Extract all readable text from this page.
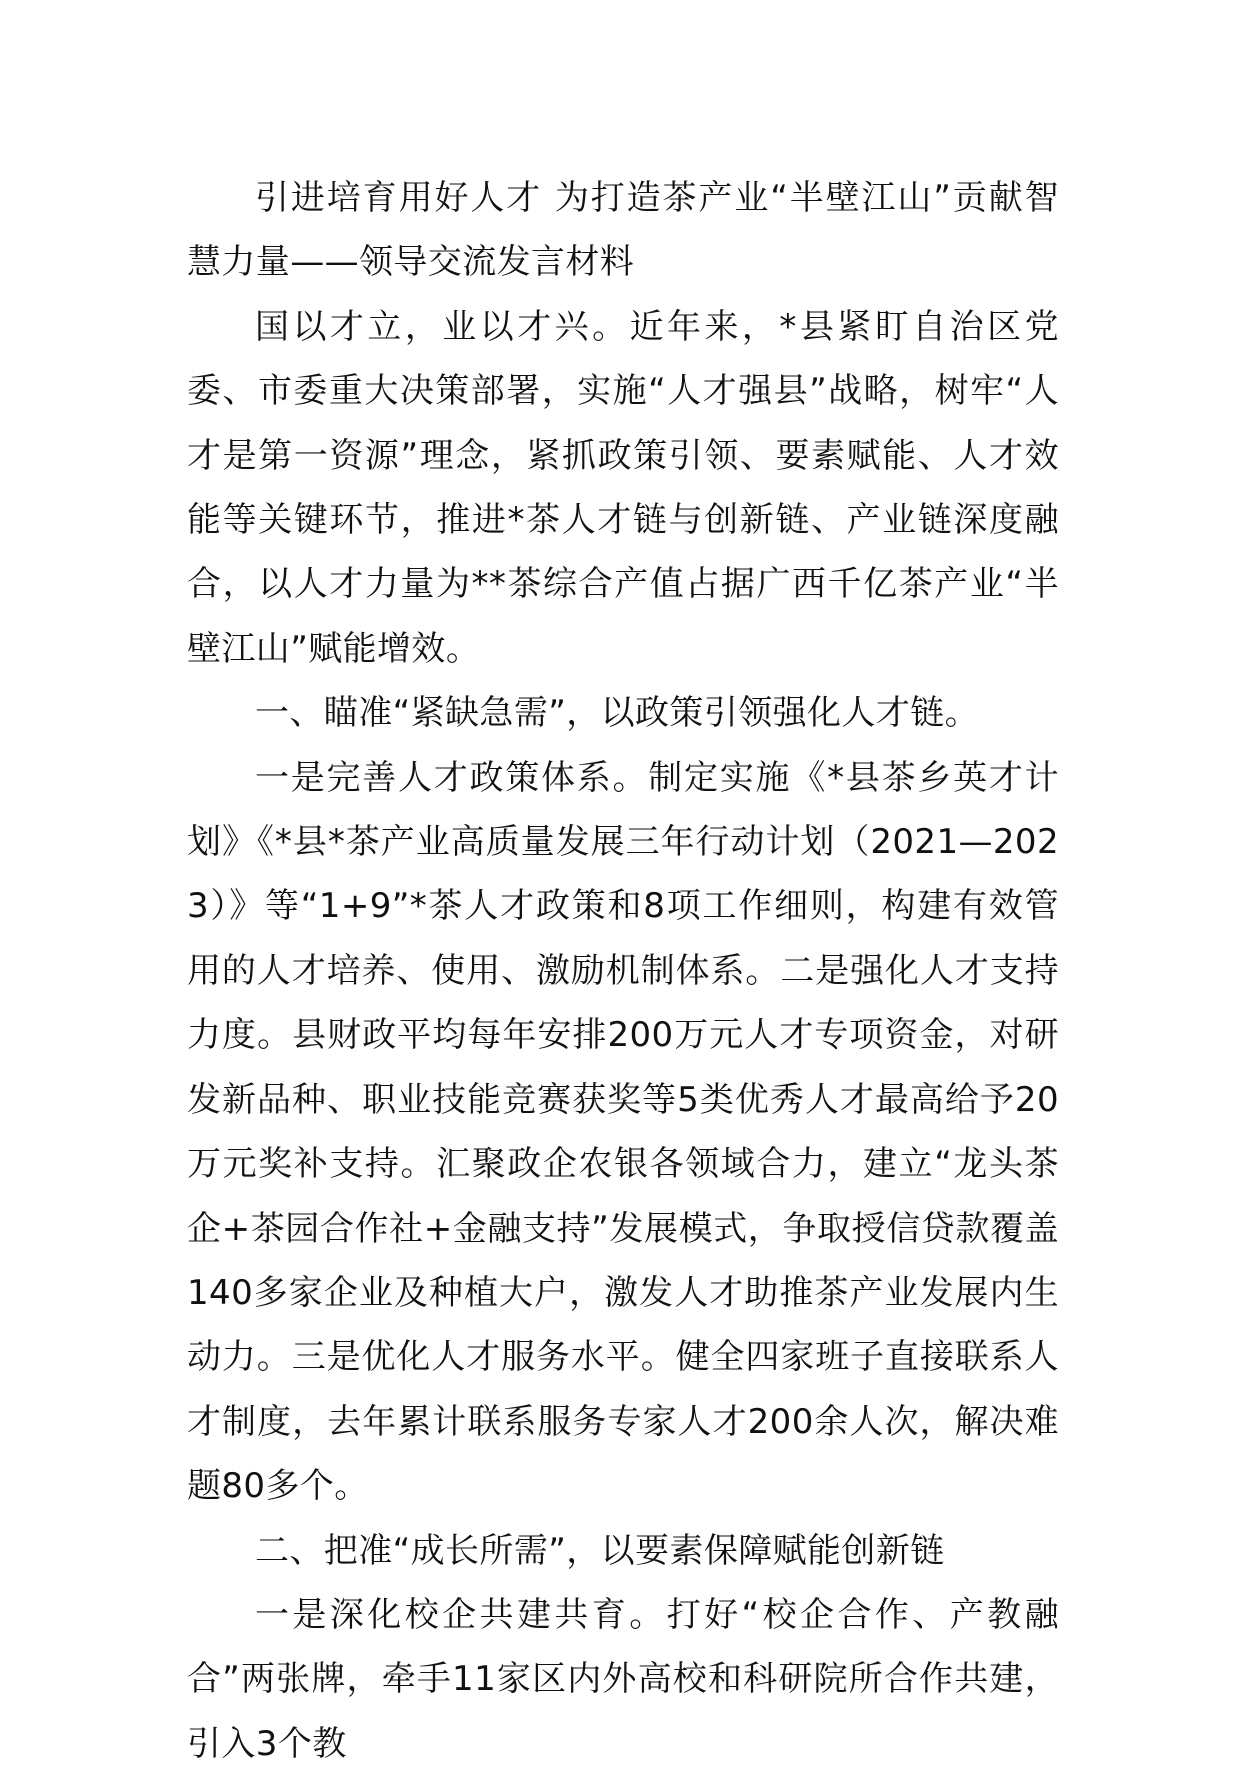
引进培育用好人才 为打造茶产业“半壁江山”贡献智慧力量——领导交流发言材料

国以才立，业以才兴。近年来，*县紧盯自治区党委、市委重大决策部署，实施“人才强县”战略，树牢“人才是第一资源”理念，紧抓政策引领、要素赋能、人才效能等关键环节，推进*茶人才链与创新链、产业链深度融合，以人才力量为**茶综合产值占据广西千亿茶产业“半壁江山”赋能增效。

一、瞄准“紧缺急需”，以政策引领强化人才链。

一是完善人才政策体系。制定实施《*县茶乡英才计划》《*县*茶产业高质量发展三年行动计划（2021—2023）》等“1+9”*茶人才政策和8项工作细则，构建有效管用的人才培养、使用、激励机制体系。二是强化人才支持力度。县财政平均每年安排200万元人才专项资金，对研发新品种、职业技能竞赛获奖等5类优秀人才最高给予20万元奖补支持。汇聚政企农银各领域合力，建立“龙头茶企+茶园合作社+金融支持”发展模式，争取授信贷款覆盖140多家企业及种植大户，激发人才助推茶产业发展内生动力。三是优化人才服务水平。健全四家班子直接联系人才制度，去年累计联系服务专家人才200余人次，解决难题80多个。

二、把准“成长所需”，以要素保障赋能创新链

一是深化校企共建共育。打好“校企合作、产教融合”两张牌，牵手11家区内外高校和科研院所合作共建，引入3个教
